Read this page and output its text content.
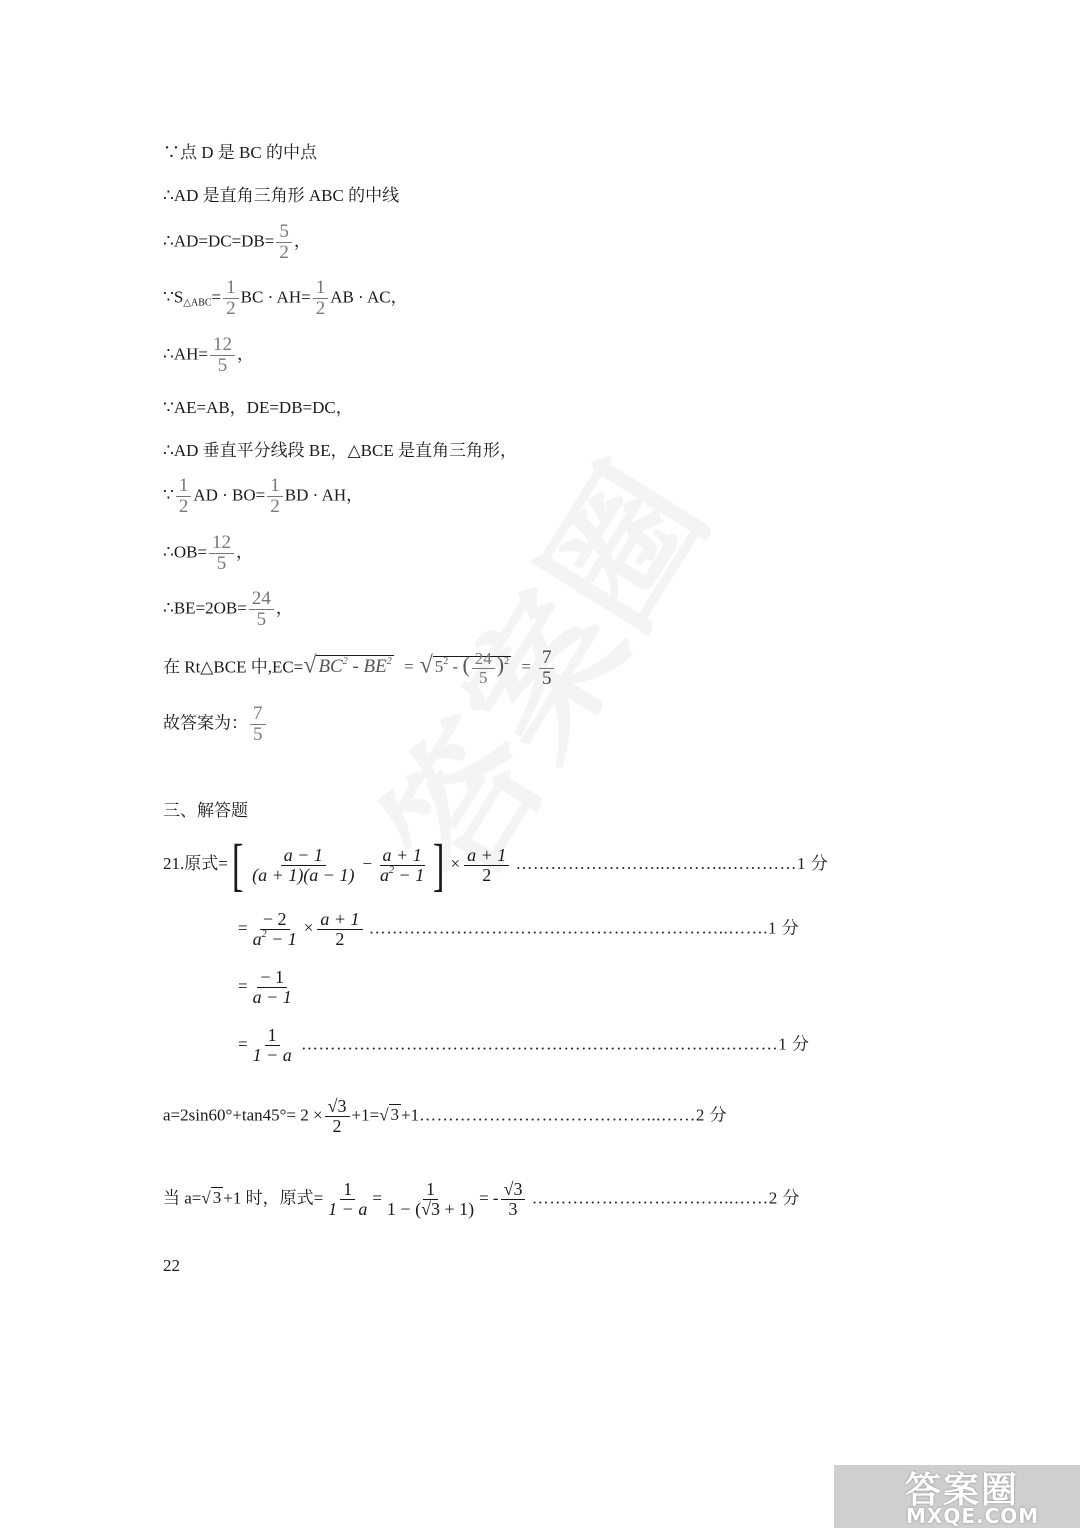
∵点 D 是 BC 的中点
∴AD 是直角三角形 ABC 的中线
∴AD=DC=DB= $\frac{5}{2}$ ，
$\because S_{\triangle ABC}= \frac{1}{2}$ BC · $AH= \frac{1}{2}$ AB · AC，
∴AH= $\frac{12}{5}$ ，
∵AE=AB，DE=DB=DC，
∴AD 垂直平分线段 BE，△BCE 是直角三角形，
∵ $\frac{1}{2}$ AD · $BO= \frac{1}{2}$ BD · AH，
∴OB= $\frac{12}{5}$ ，
∴BE=2OB= $\frac{24}{5}$ ，
在 Rt△BCE 中,EC=√ $BC^2 - BE^2$ = √ $5^2$ - ( $\frac{24}{5} )^2 = \frac{7}{5}$
故答案为： $\frac{7}{5}$
三、解答题
21.原式=[ $\frac{a - 1}{(a + 1)(a - 1)} - \frac{a + 1}{a^2 - 1}$ ] × $\frac{a + 1}{2}$ ……………………..………..…………1 分
= $\frac{- 2}{a^2 - 1} \times \frac{a + 1}{2}$ ……………………………………………………..…….1 分
= $\frac{- 1}{a - 1}$
= $\frac{1}{1 - a}$ ……………………………………………………………….………1 分
$a=2\sin 60^\circ+\tan 45^\circ= 2 \times \frac{√3}{2} +1=√$ 3 +1…………………………………...……2 分
当 a=√ 3 +1 时，原式= $\frac{1}{1 - a} = \frac{1}{1 - (√3 + 1)}$ = - $\frac{√3}{3}$ ……………………………..……2 分
22
答案圈
MXQE.COM
